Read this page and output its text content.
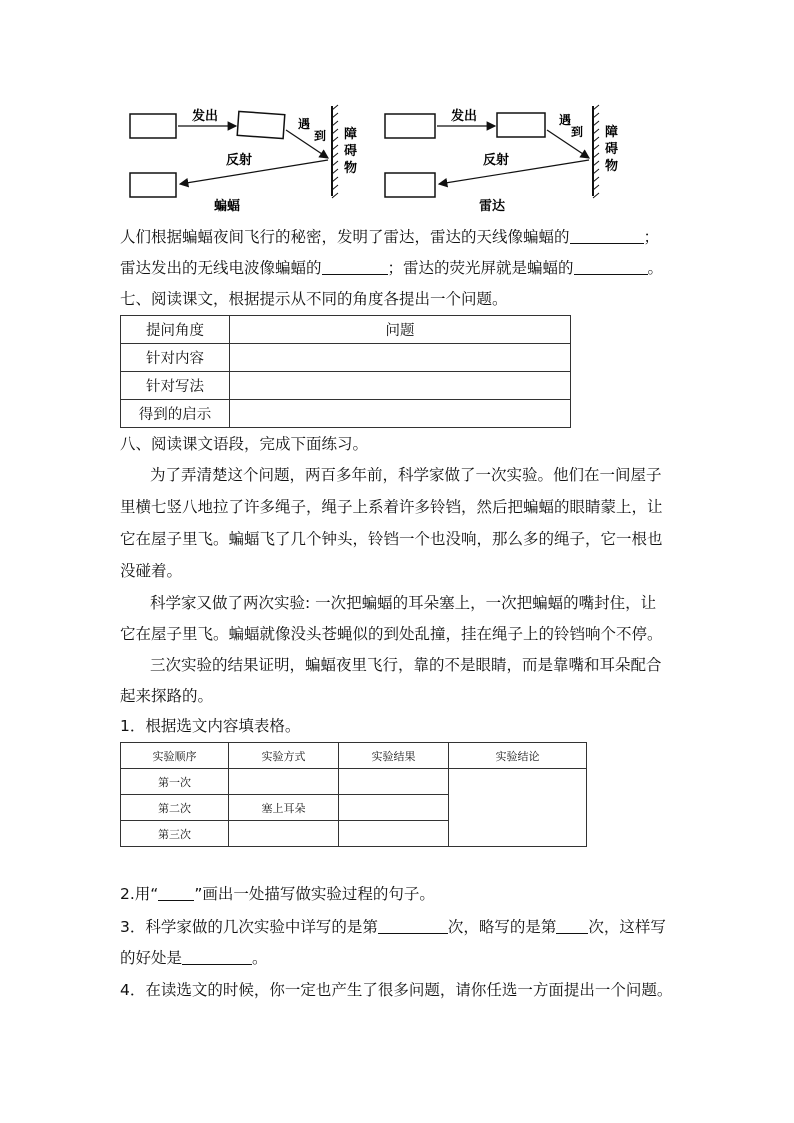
发出	遇
到 障
碍
物
反射
蝙蝠
发出	遇
到 障
碍
物
反射
雷达
人们根据蝙蝠夜间飞行的秘密，发明了雷达，雷达的天线像蝙蝠的	；
雷达发出的无线电波像蝙蝠的	；雷达的荧光屏就是蝙蝠的	。
七、阅读课文，根据提示从不同的角度各提出一个问题。
提问角度	问题
针对内容	
针对写法	
得到的启示	
八、阅读课文语段，完成下面练习。
为了弄清楚这个问题，两百多年前，科学家做了一次实验。他们在一间屋子
里横七竖八地拉了许多绳子，绳子上系着许多铃铛，然后把蝙蝠的眼睛蒙上，让
它在屋子里飞。蝙蝠飞了几个钟头，铃铛一个也没响，那么多的绳子，它一根也
没碰着。
科学家又做了两次实验: 一次把蝙蝠的耳朵塞上，一次把蝙蝠的嘴封住，让
它在屋子里飞。蝙蝠就像没头苍蝇似的到处乱撞，挂在绳子上的铃铛响个不停。
三次实验的结果证明，蝙蝠夜里飞行，靠的不是眼睛，而是靠嘴和耳朵配合
起来探路的。
1．根据选文内容填表格。
实验顺序	实验方式	实验结果	实验结论
第一次			
第二次	塞上耳朵		
第三次			
2.用“ ”画出一处描写做实验过程的句子。
3．科学家做的几次实验中详写的是第	次，略写的是第 次，这样写
的好处是	。
4．在读选文的时候，你一定也产生了很多问题，请你任选一方面提出一个问题。
